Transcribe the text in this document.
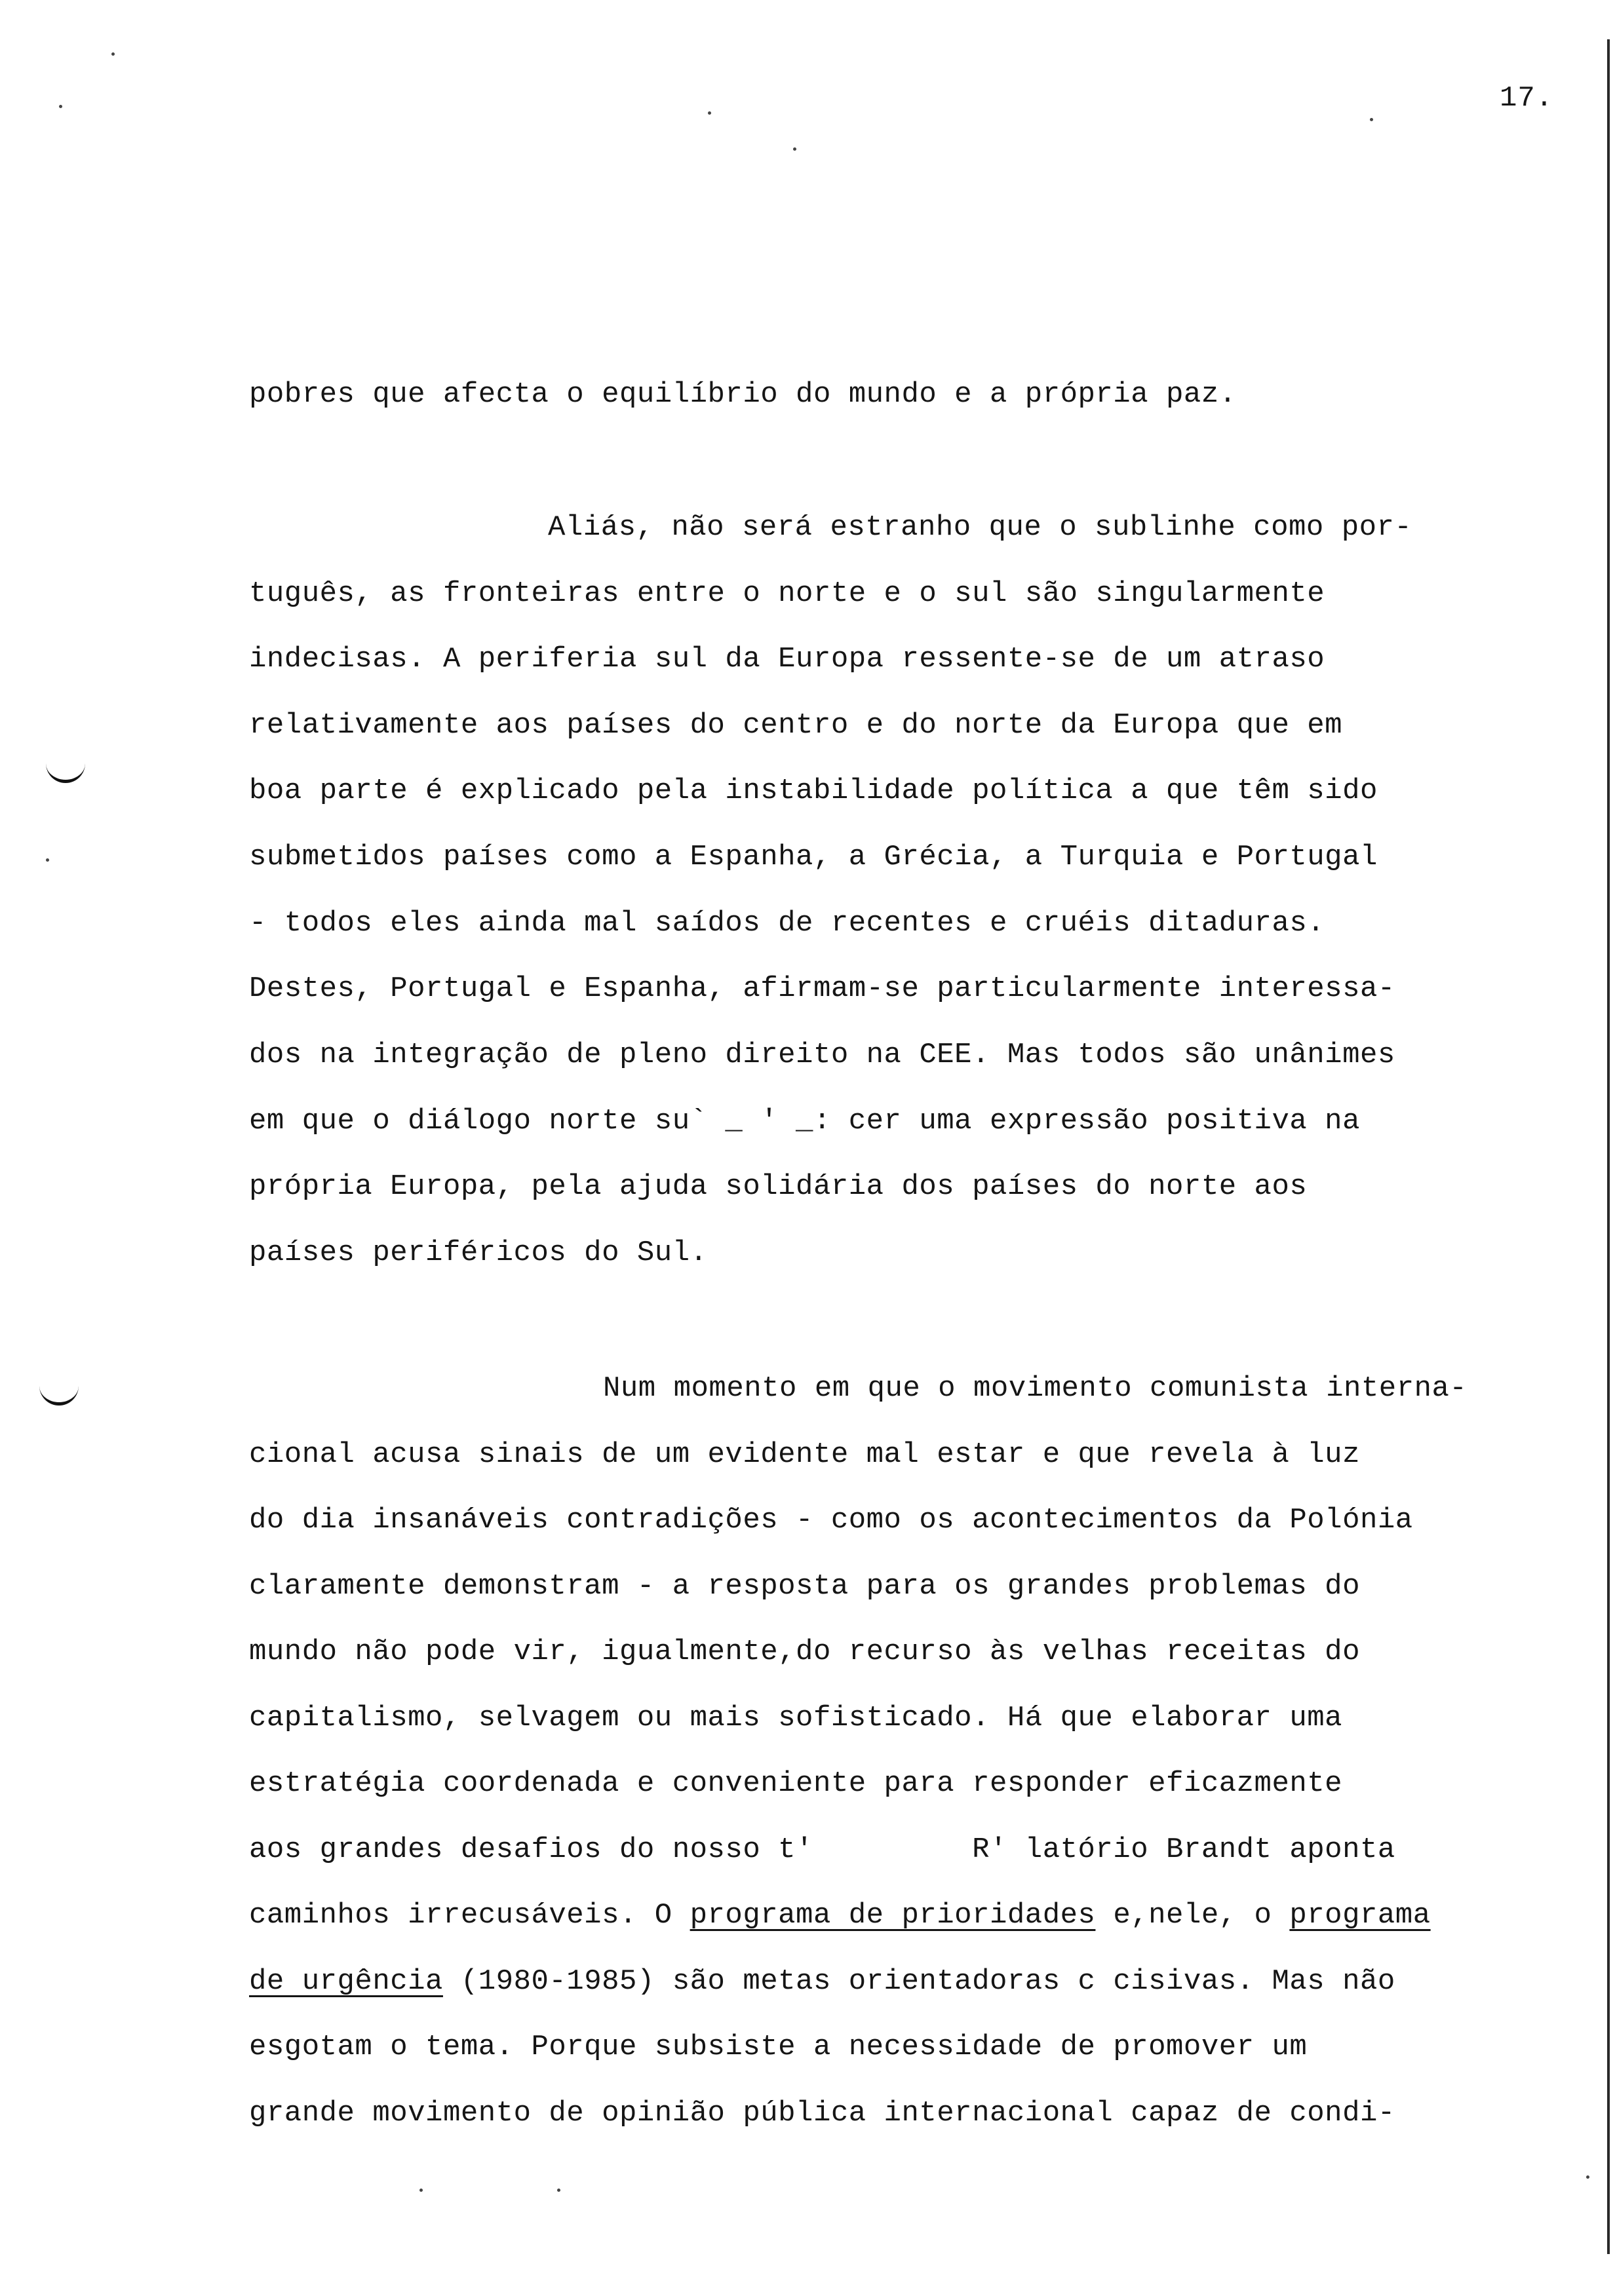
17.
pobres que afecta o equilíbrio do mundo e a própria paz.
Aliás, não será estranho que o sublinhe como por-
tuguês, as fronteiras entre o norte e o sul são singularmente
indecisas. A periferia sul da Europa ressente-se de um atraso
relativamente aos países do centro e do norte da Europa que em
boa parte é explicado pela instabilidade política a que têm sido
submetidos países como a Espanha, a Grécia, a Turquia e Portugal
- todos eles ainda mal saídos de recentes e cruéis ditaduras.
Destes, Portugal e Espanha, afirmam-se particularmente interessa-
dos na integração de pleno direito na CEE. Mas todos são unânimes
em que o diálogo norte su` _ ' _: cer uma expressão positiva na
própria Europa, pela ajuda solidária dos países do norte aos
países periféricos do Sul.
Num momento em que o movimento comunista interna-
cional acusa sinais de um evidente mal estar e que revela à luz
do dia insanáveis contradições - como os acontecimentos da Polónia
claramente demonstram - a resposta para os grandes problemas do
mundo não pode vir, igualmente,do recurso às velhas receitas do
capitalismo, selvagem ou mais sofisticado. Há que elaborar uma
estratégia coordenada e conveniente para responder eficazmente
aos grandes desafios do nosso t'         R' latório Brandt aponta
caminhos irrecusáveis. O programa de prioridades e,nele, o programa
de urgência (1980-1985) são metas orientadoras c cisivas. Mas não
esgotam o tema. Porque subsiste a necessidade de promover um
grande movimento de opinião pública internacional capaz de condi-
